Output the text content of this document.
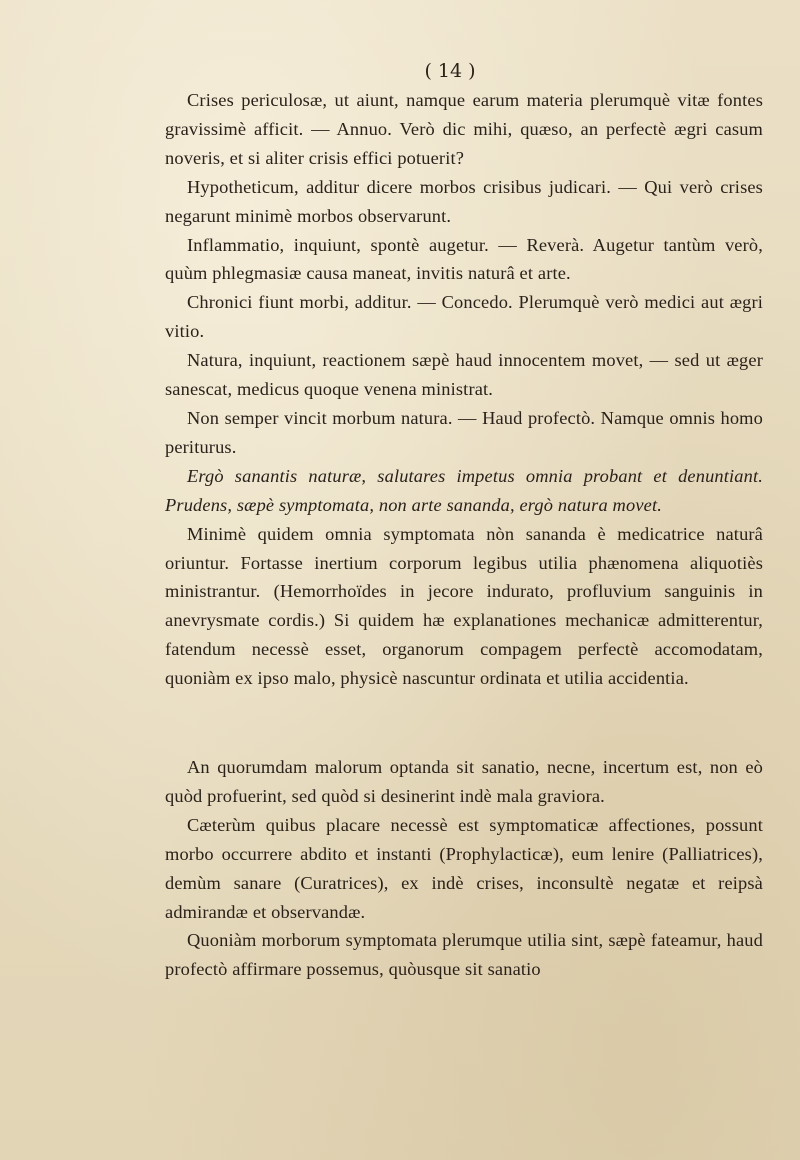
( 14 )

Crises periculosæ, ut aiunt, namque earum materia plerumquè vitæ fontes gravissimè afficit. — Annuo. Verò dic mihi, quæso, an perfectè ægri casum noveris, et si aliter crisis effici potuerit?

Hypotheticum, additur dicere morbos crisibus judicari. — Qui verò crises negarunt minimè morbos observarunt.

Inflammatio, inquiunt, spontè augetur. — Reverà. Augetur tantùm verò, quùm phlegmasiæ causa maneat, invitis naturâ et arte.

Chronici fiunt morbi, additur. — Concedo. Plerumquè verò medici aut ægri vitio.

Natura, inquiunt, reactionem sæpè haud innocentem movet, — sed ut æger sanescat, medicus quoque venena ministrat.

Non semper vincit morbum natura. — Haud profectò. Namque omnis homo periturus.

Ergò sanantis naturæ, salutares impetus omnia probant et denuntiant. Prudens, sæpè symptomata, non arte sananda, ergò natura movet.

Minimè quidem omnia symptomata nòn sananda è medicatrice naturâ oriuntur. Fortasse inertium corporum legibus utilia phænomena aliquotiès ministrantur. (Hemorrhoïdes in jecore indurato, profluvium sanguinis in anevrysmate cordis.) Si quidem hæ explanationes mechanicæ admitterentur, fatendum necessè esset, organorum compagem perfectè accomodatam, quoniàm ex ipso malo, physicè nascuntur ordinata et utilia accidentia.

An quorumdam malorum optanda sit sanatio, necne, incertum est, non eò quòd profuerint, sed quòd si desinerint indè mala graviora.

Cæterùm quibus placare necessè est symptomaticæ affectiones, possunt morbo occurrere abdito et instanti (Prophylacticæ), eum lenire (Palliatrices), demùm sanare (Curatrices), ex indè crises, inconsultè negatæ et reipsà admirandæ et observandæ.

Quoniàm morborum symptomata plerumque utilia sint, sæpè fateamur, haud profectò affirmare possemus, quòusque sit sanatio
